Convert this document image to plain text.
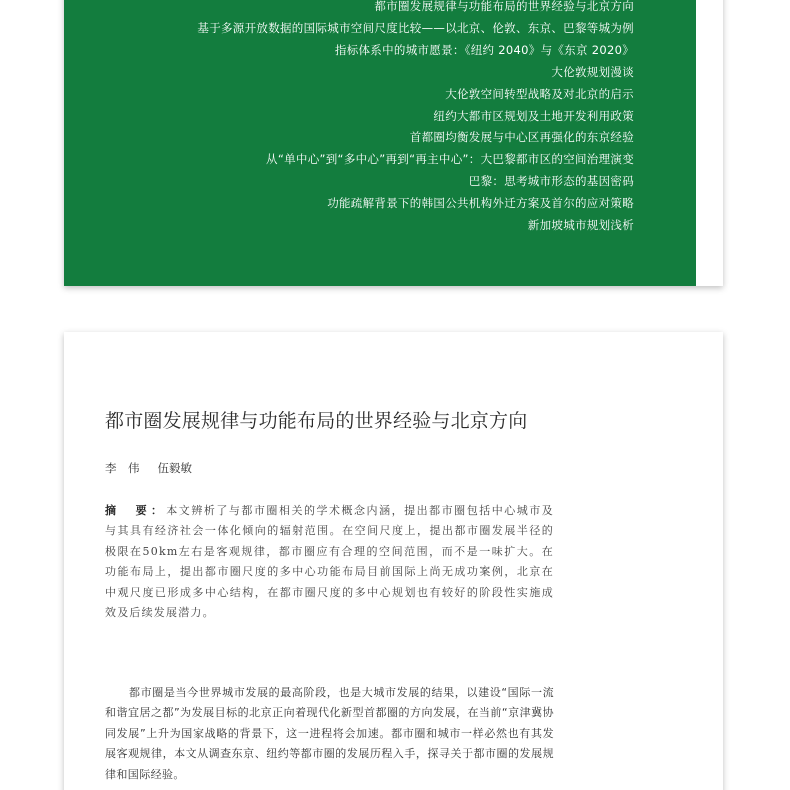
都市圈发展规律与功能布局的世界经验与北京方向
基于多源开放数据的国际城市空间尺度比较——以北京、伦敦、东京、巴黎等城为例
指标体系中的城市愿景：《纽约 2040》与《东京 2020》
大伦敦规划漫谈
大伦敦空间转型战略及对北京的启示
纽约大都市区规划及土地开发利用政策
首都圈均衡发展与中心区再强化的东京经验
从“单中心”到“多中心”再到“再主中心”：大巴黎都市区的空间治理演变
巴黎：思考城市形态的基因密码
功能疏解背景下的韩国公共机构外迁方案及首尔的应对策略
新加坡城市规划浅析
都市圈发展规律与功能布局的世界经验与北京方向
李　伟 伍毅敏

摘　要：本文辨析了与都市圈相关的学术概念内涵，提出都市圈包括中心城市及与其具有经济社会一体化倾向的辐射范围。在空间尺度上，提出都市圈发展半径的极限在50km左右是客观规律，都市圈应有合理的空间范围，而不是一味扩大。在功能布局上，提出都市圈尺度的多中心功能布局目前国际上尚无成功案例，北京在中观尺度已形成多中心结构，在都市圈尺度的多中心规划也有较好的阶段性实施成效及后续发展潜力。

都市圈是当今世界城市发展的最高阶段，也是大城市发展的结果，以建设“国际一流和谐宜居之都”为发展目标的北京正向着现代化新型首都圈的方向发展，在当前“京津冀协同发展”上升为国家战略的背景下，这一进程将会加速。都市圈和城市一样必然也有其发展客观规律，本文从调查东京、纽约等都市圈的发展历程入手，探寻关于都市圈的发展规律和国际经验。
